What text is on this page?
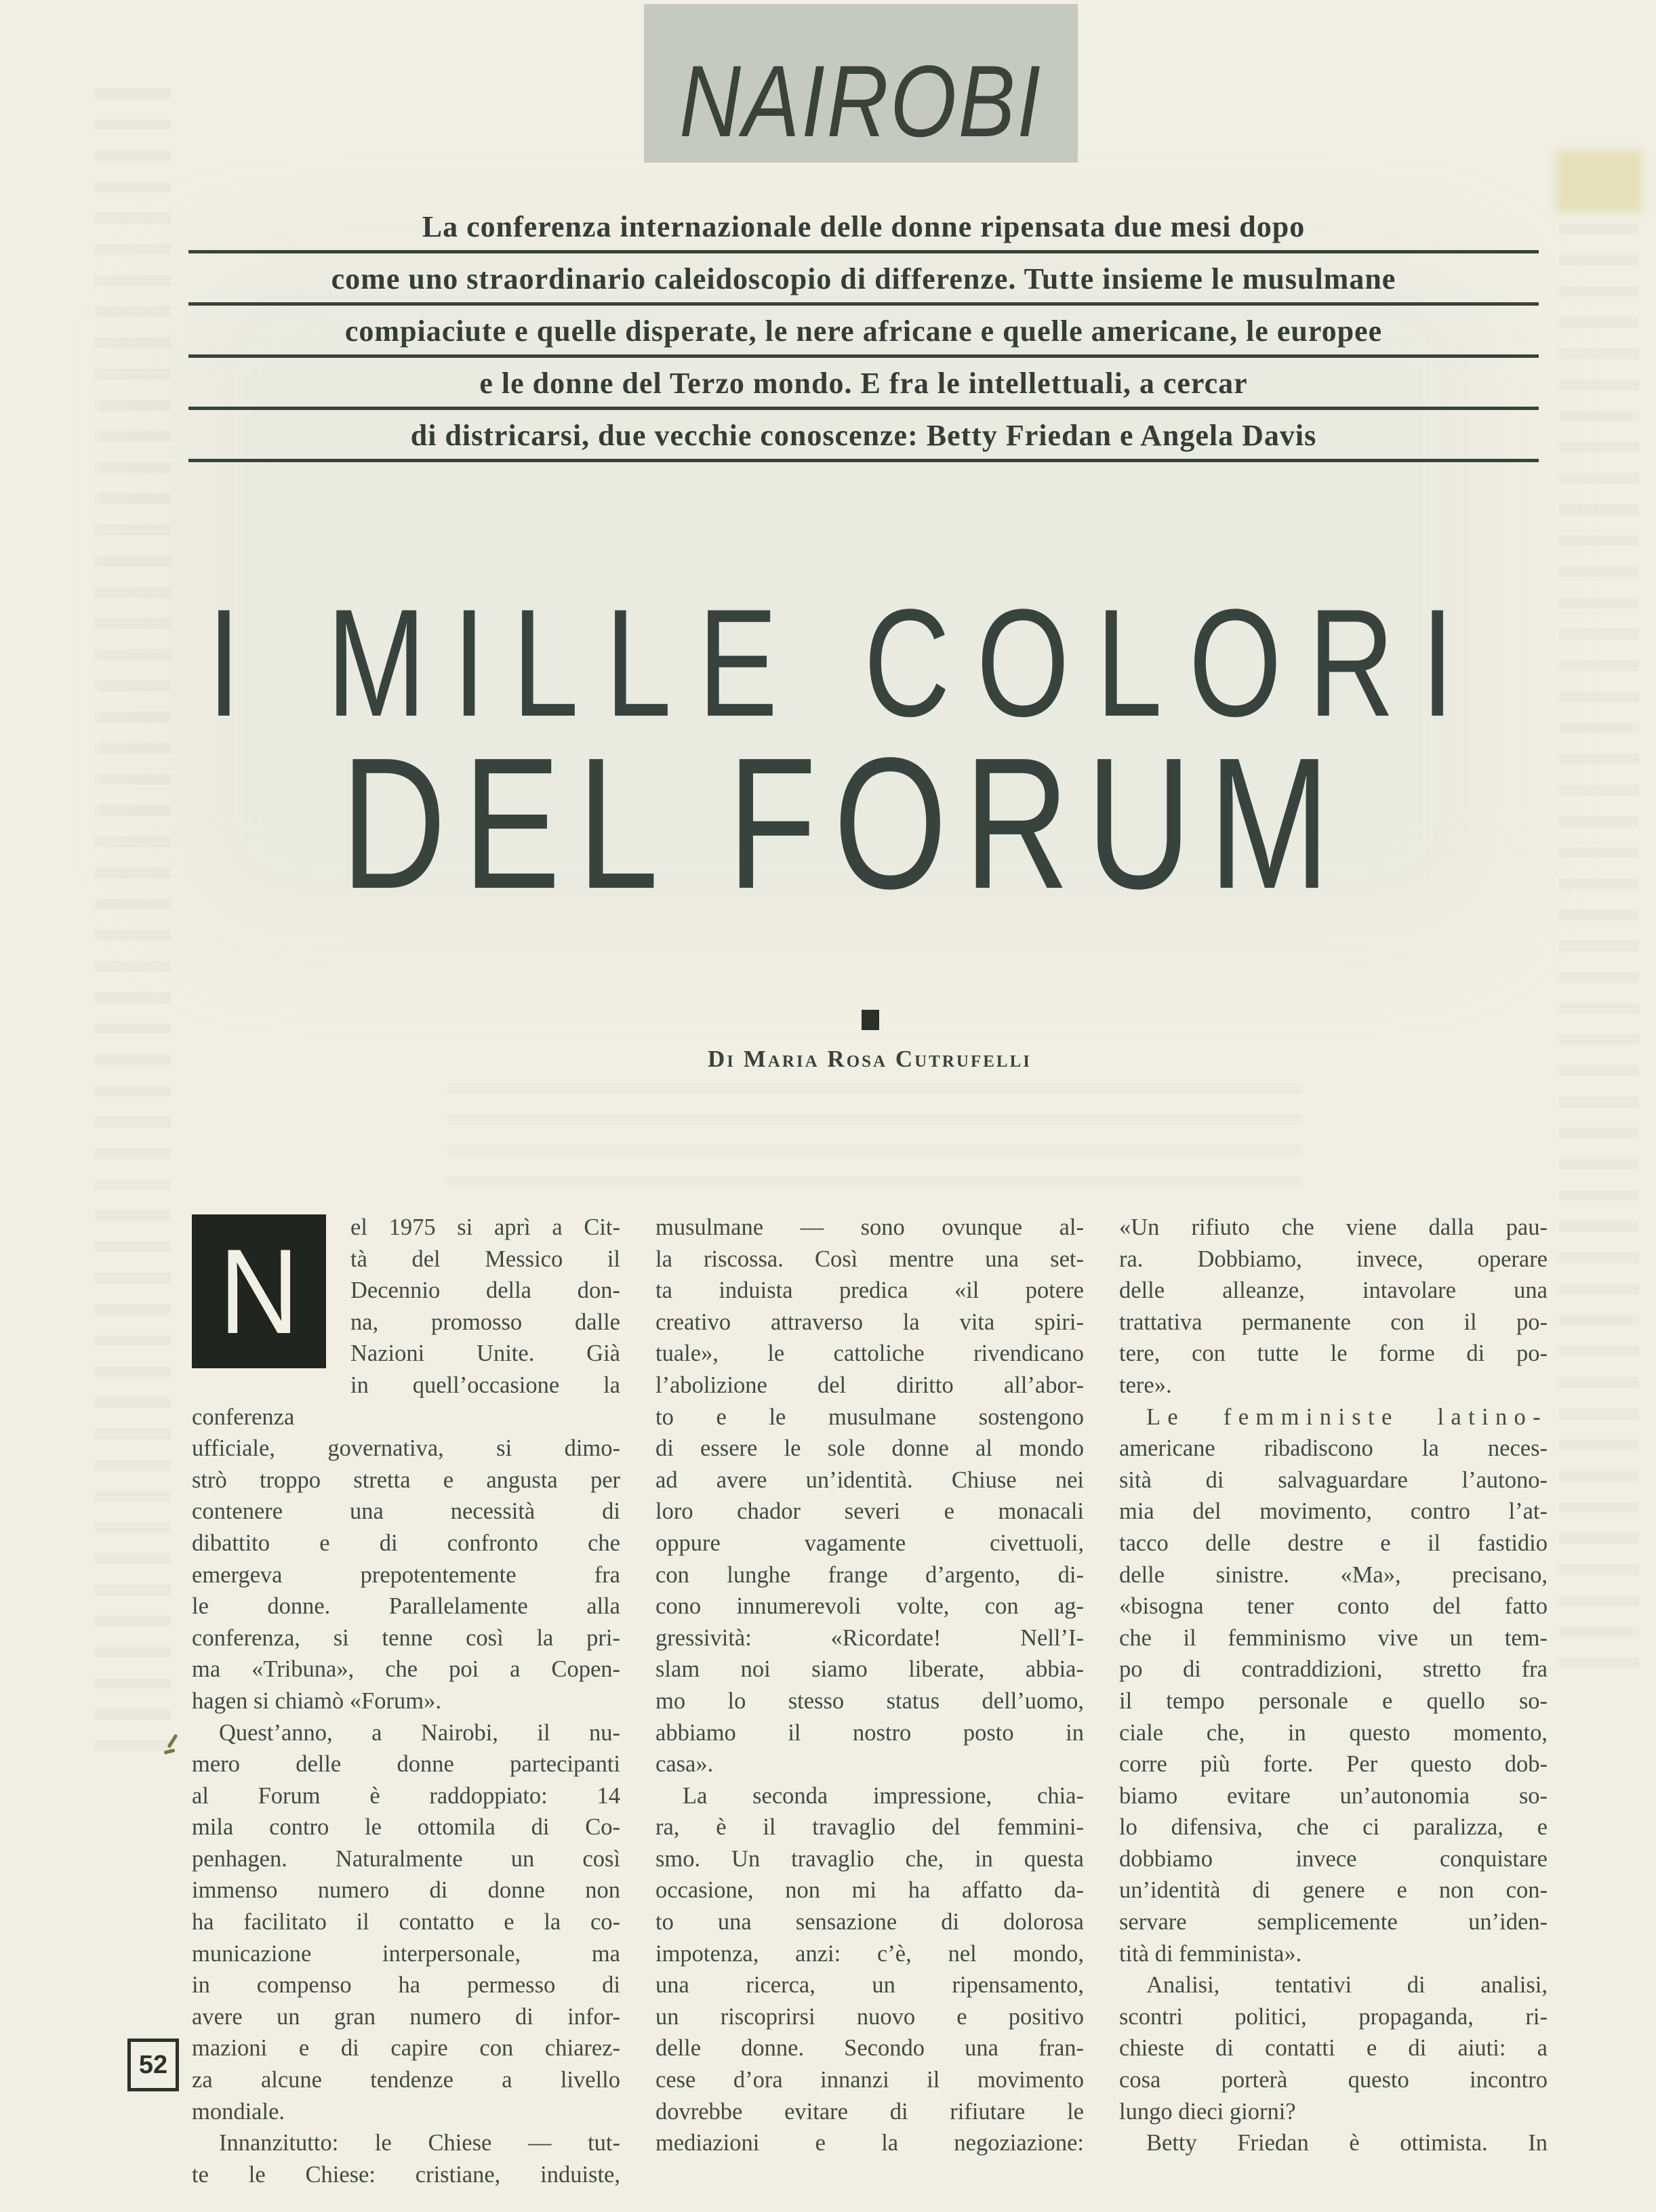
NAIROBI
La conferenza internazionale delle donne ripensata due mesi dopo
come uno straordinario caleidoscopio di differenze. Tutte insieme le musulmane
compiaciute e quelle disperate, le nere africane e quelle americane, le europee
e le donne del Terzo mondo. E fra le intellettuali, a cercar
di districarsi, due vecchie conoscenze: Betty Friedan e Angela Davis
I MILLE COLORI
DEL FORUM
Di Maria Rosa Cutrufelli
N	el 1975 si aprì a Cit-
tà del Messico il
Decennio della don-
na, promosso dalle
Nazioni Unite. Già
in quell’occasione la conferenza
ufficiale, governativa, si dimo-
strò troppo stretta e angusta per
contenere una necessità di
dibattito e di confronto che
emergeva prepotentemente fra
le donne. Parallelamente alla
conferenza, si tenne così la pri-
ma «Tribuna», che poi a Copen-
hagen si chiamò «Forum».
Quest’anno, a Nairobi, il nu-
mero delle donne partecipanti
al Forum è raddoppiato: 14
mila contro le ottomila di Co-
penhagen. Naturalmente un così
immenso numero di donne non
ha facilitato il contatto e la co-
municazione interpersonale, ma
in compenso ha permesso di
avere un gran numero di infor-
mazioni e di capire con chiarez-
za alcune tendenze a livello
mondiale.
Innanzitutto: le Chiese — tut-
te le Chiese: cristiane, induiste,
musulmane — sono ovunque al-
la riscossa. Così mentre una set-
ta induista predica «il potere
creativo attraverso la vita spiri-
tuale», le cattoliche rivendicano
l’abolizione del diritto all’abor-
to e le musulmane sostengono
di essere le sole donne al mondo
ad avere un’identità. Chiuse nei
loro chador severi e monacali
oppure vagamente civettuoli,
con lunghe frange d’argento, di-
cono innumerevoli volte, con ag-
gressività: «Ricordate! Nell’I-
slam noi siamo liberate, abbia-
mo lo stesso status dell’uomo,
abbiamo il nostro posto in
casa».
La seconda impressione, chia-
ra, è il travaglio del femmini-
smo. Un travaglio che, in questa
occasione, non mi ha affatto da-
to una sensazione di dolorosa
impotenza, anzi: c’è, nel mondo,
una ricerca, un ripensamento,
un riscoprirsi nuovo e positivo
delle donne. Secondo una fran-
cese d’ora innanzi il movimento
dovrebbe evitare di rifiutare le
mediazioni e la negoziazione:
«Un rifiuto che viene dalla pau-
ra. Dobbiamo, invece, operare
delle alleanze, intavolare una
trattativa permanente con il po-
tere, con tutte le forme di po-
tere».
Le femministe latino-
americane ribadiscono la neces-
sità di salvaguardare l’autono-
mia del movimento, contro l’at-
tacco delle destre e il fastidio
delle sinistre. «Ma», precisano,
«bisogna tener conto del fatto
che il femminismo vive un tem-
po di contraddizioni, stretto fra
il tempo personale e quello so-
ciale che, in questo momento,
corre più forte. Per questo dob-
biamo evitare un’autonomia so-
lo difensiva, che ci paralizza, e
dobbiamo invece conquistare
un’identità di genere e non con-
servare semplicemente un’iden-
tità di femminista».
Analisi, tentativi di analisi,
scontri politici, propaganda, ri-
chieste di contatti e di aiuti: a
cosa porterà questo incontro
lungo dieci giorni?
Betty Friedan è ottimista. In
52
